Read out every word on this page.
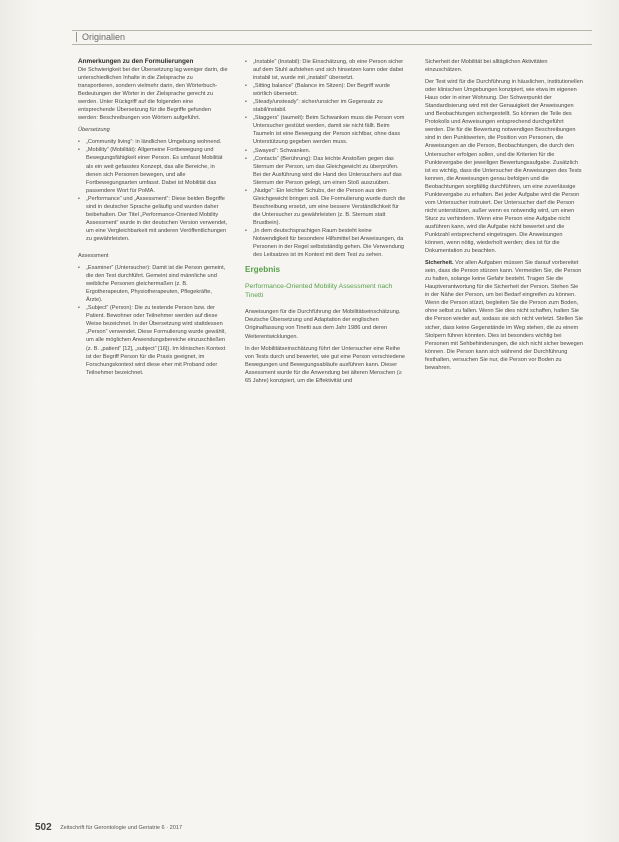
Originalien
Anmerkungen zu den Formulierungen

Die Schwierigkeit bei der Übersetzung lag weniger darin, die unterschiedlichen Inhalte in die Zielsprache zu transportieren, sondern vielmehr darin, den Wörterbuch-Bedeutungen der Wörter in der Zielsprache gerecht zu werden. Unter Rückgriff auf die folgenden eine entsprechende Übersetzung für die Begriffe gefunden werden: Beschreibungen von Wörtern aufgeführt.

Übersetzung

▪ „Community living“: in ländlichen Umgebung wohnend.

▪ „Mobility“ (Mobilität): Allgemeine Fortbewegung und Bewegungsfähigkeit einer Person. Es umfasst Mobilität als ein weit gefasstes Konzept, das alle Bereiche, in denen sich Personen bewegen, und alle Fortbewegungsarten umfasst. Dabei ist Mobilität das passendere Wort für PoMA.

▪ „Performance“ und „Assessment“: Diese beiden Begriffe sind in deutscher Sprache geläufig und wurden daher beibehalten. Der Titel „Performance-Oriented Mobility Assessment“ wurde in der deutschen Version verwendet, um eine Vergleichbarkeit mit anderen Veröffentlichungen zu gewährleisten.

Assessment

▪ „Examiner“ (Untersucher): Damit ist die Person gemeint, die den Test durchführt. Gemeint sind männliche und weibliche Personen gleichermaßen (z. B. Ergotherapeuten, Physiotherapeuten, Pflegekräfte, Ärzte).

▪ „Subject“ (Person): Die zu testende Person bzw. der Patient. Bewohner oder Teilnehmer werden auf diese Weise bezeichnet. In der Übersetzung wird stattdessen „Person“ verwendet. Diese Formulierung wurde gewählt, um alle möglichen Anwendungsbereiche einzuschließen (z. B. „patient“ [12], „subject“ [16]). Im klinischen Kontext ist der Begriff Person für die Praxis geeignet, im Forschungskontext wird diese eher mit Proband oder Teilnehmer bezeichnet.

▪ „Instable“ (Instabil): Die Einschätzung, ob eine Person sicher auf dem Stuhl aufstehen und sich hinsetzen kann oder dabei instabil ist, wurde mit „instabil“ übersetzt.

▪ „Sitting balance“ (Balance im Sitzen): Der Begriff wurde wörtlich übersetzt.

▪ „Steady/unsteady“: sicher/unsicher im Gegensatz zu stabil/instabil.

▪ „Staggers“ (taumelt): Beim Schwanken muss die Person vom Untersucher gestützt werden, damit sie nicht fällt. Beim Taumeln ist eine Bewegung der Person sichtbar, ohne dass Unterstützung gegeben werden muss.

▪ „Swayed“: Schwanken.

▪ „Contacts“ (Berührung): Das leichte Anstoßen gegen das Sternum der Person, um das Gleichgewicht zu überprüfen. Bei der Ausführung wird die Hand des Untersuchers auf das Sternum der Person gelegt, um einen Stoß auszuüben.

▪ „Nudge“: Ein leichter Schubs, der die Person aus dem Gleichgewicht bringen soll. Die Formulierung wurde durch die Beschreibung ersetzt, um eine bessere Verständlichkeit für die Untersucher zu gewährleisten (z. B. Sternum statt Brustbein).

▪ „In dem deutschsprachigen Raum besteht keine Notwendigkeit für besondere Hilfsmittel bei Anweisungen, da Personen in der Regel selbstständig gehen. Die Verwendung des Leitsatzes ist im Kontext mit dem Test zu sehen.

Ergebnis
Performance-Oriented Mobility Assessment nach Tinetti

Anweisungen für die Durchführung der Mobilitätseinschätzung. Deutsche Übersetzung und Adaptation der englischen Originalfassung von Tinetti aus dem Jahr 1986 und deren Weiterentwicklungen.

In der Mobilitätseinschätzung führt der Untersucher eine Reihe von Tests durch und bewertet, wie gut eine Person verschiedene Bewegungen und Bewegungsabläufe ausführen kann. Dieser Assessment wurde für die Anwendung bei älteren Menschen (≥ 65 Jahre) konzipiert, um die Effektivität und

Sicherheit der Mobilität bei alltäglichen Aktivitäten einzuschätzen.

Der Test wird für die Durchführung in häuslichen, institutionellen oder klinischen Umgebungen konzipiert, wie etwa im eigenen Haus oder in einer Wohnung. Der Schwerpunkt der Standardisierung wird mit der Genauigkeit der Anweisungen und Beobachtungen sichergestellt. So können die Teile des Protokolls und Anweisungen entsprechend durchgeführt werden. Die für die Bewertung notwendigen Beschreibungen sind in den Punktwerten, die Position von Personen, die Anweisungen an die Person, Beobachtungen, die durch den Untersucher erfolgen sollen, und die Kriterien für die Punktevergabe der jeweiligen Bewertungsaufgabe. Zusätzlich ist es wichtig, dass die Untersucher die Anweisungen des Tests kennen, die Anweisungen genau befolgen und die Beobachtungen sorgfältig durchführen, um eine zuverlässige Punktevergabe zu erhalten. Bei jeder Aufgabe wird die Person vom Untersucher instruiert. Der Untersucher darf die Person nicht unterstützen, außer wenn es notwendig wird, um einen Sturz zu verhindern. Wenn eine Person eine Aufgabe nicht ausführen kann, wird die Aufgabe nicht bewertet und die Punktzahl entsprechend eingetragen. Die Anweisungen können, wenn nötig, wiederholt werden; dies ist für die Dokumentation zu beachten.

Sicherheit. Vor allen Aufgaben müssen Sie darauf vorbereitet sein, dass die Person stürzen kann. Vermeiden Sie, die Person zu halten, solange keine Gefahr besteht. Tragen Sie die Hauptverantwortung für die Sicherheit der Person. Stehen Sie in der Nähe der Person, um bei Bedarf eingreifen zu können. Wenn die Person stürzt, begleiten Sie die Person zum Boden, ohne selbst zu fallen. Wenn Sie dies nicht schaffen, halten Sie die Person wieder auf, sodass sie sich nicht verletzt. Stellen Sie sicher, dass keine Gegenstände im Weg stehen, die zu einem Stolpern führen könnten. Dies ist besonders wichtig bei Personen mit Sehbehinderungen, die sich nicht sicher bewegen können. Die Person kann sich während der Durchführung festhalten, versuchen Sie nur, die Person vor Boden zu bewahren.

502 Zeitschrift für Gerontologie und Geriatrie 6 · 2017
